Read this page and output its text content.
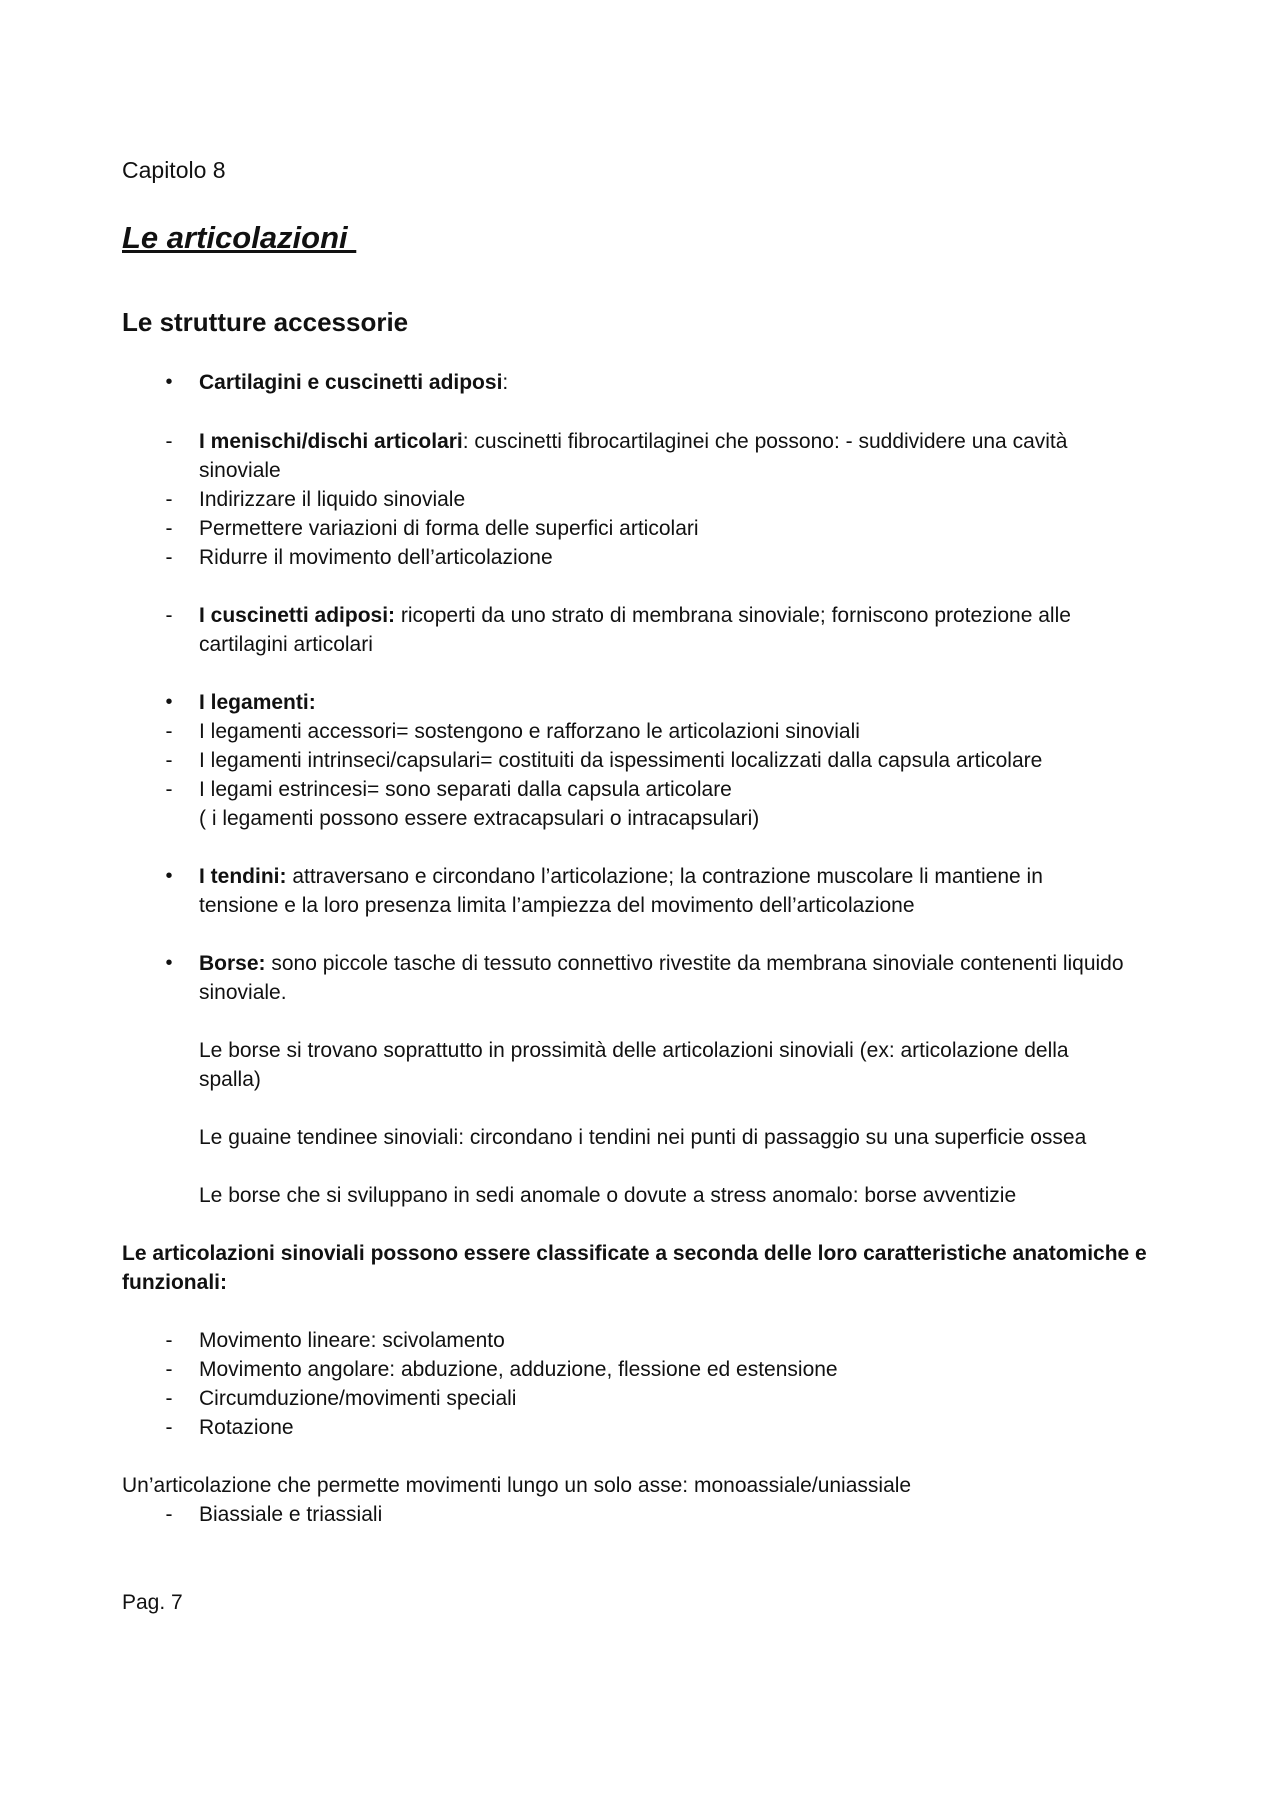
Capitolo 8
Le articolazioni
Le strutture accessorie
• Cartilagini e cuscinetti adiposi:
- I menischi/dischi articolari: cuscinetti fibrocartilaginei che possono: - suddividere una cavità
sinoviale
- Indirizzare il liquido sinoviale
- Permettere variazioni di forma delle superfici articolari
- Ridurre il movimento dell’articolazione
- I cuscinetti adiposi: ricoperti da uno strato di membrana sinoviale; forniscono protezione alle
cartilagini articolari
• I legamenti:
- I legamenti accessori= sostengono e rafforzano le articolazioni sinoviali
- I legamenti intrinseci/capsulari= costituiti da ispessimenti localizzati dalla capsula articolare
- I legami estrincesi= sono separati dalla capsula articolare
( i legamenti possono essere extracapsulari o intracapsulari)
• I tendini: attraversano e circondano l’articolazione; la contrazione muscolare li mantiene in
tensione e la loro presenza limita l’ampiezza del movimento dell’articolazione
• Borse: sono piccole tasche di tessuto connettivo rivestite da membrana sinoviale contenenti liquido
sinoviale.
Le borse si trovano soprattutto in prossimità delle articolazioni sinoviali (ex: articolazione della
spalla)
Le guaine tendinee sinoviali: circondano i tendini nei punti di passaggio su una superficie ossea
Le borse che si sviluppano in sedi anomale o dovute a stress anomalo: borse avventizie
Le articolazioni sinoviali possono essere classificate a seconda delle loro caratteristiche anatomiche e
funzionali:
- Movimento lineare: scivolamento
- Movimento angolare: abduzione, adduzione, flessione ed estensione
- Circumduzione/movimenti speciali
- Rotazione
Un’articolazione che permette movimenti lungo un solo asse: monoassiale/uniassiale
- Biassiale e triassiali
Pag. 7
